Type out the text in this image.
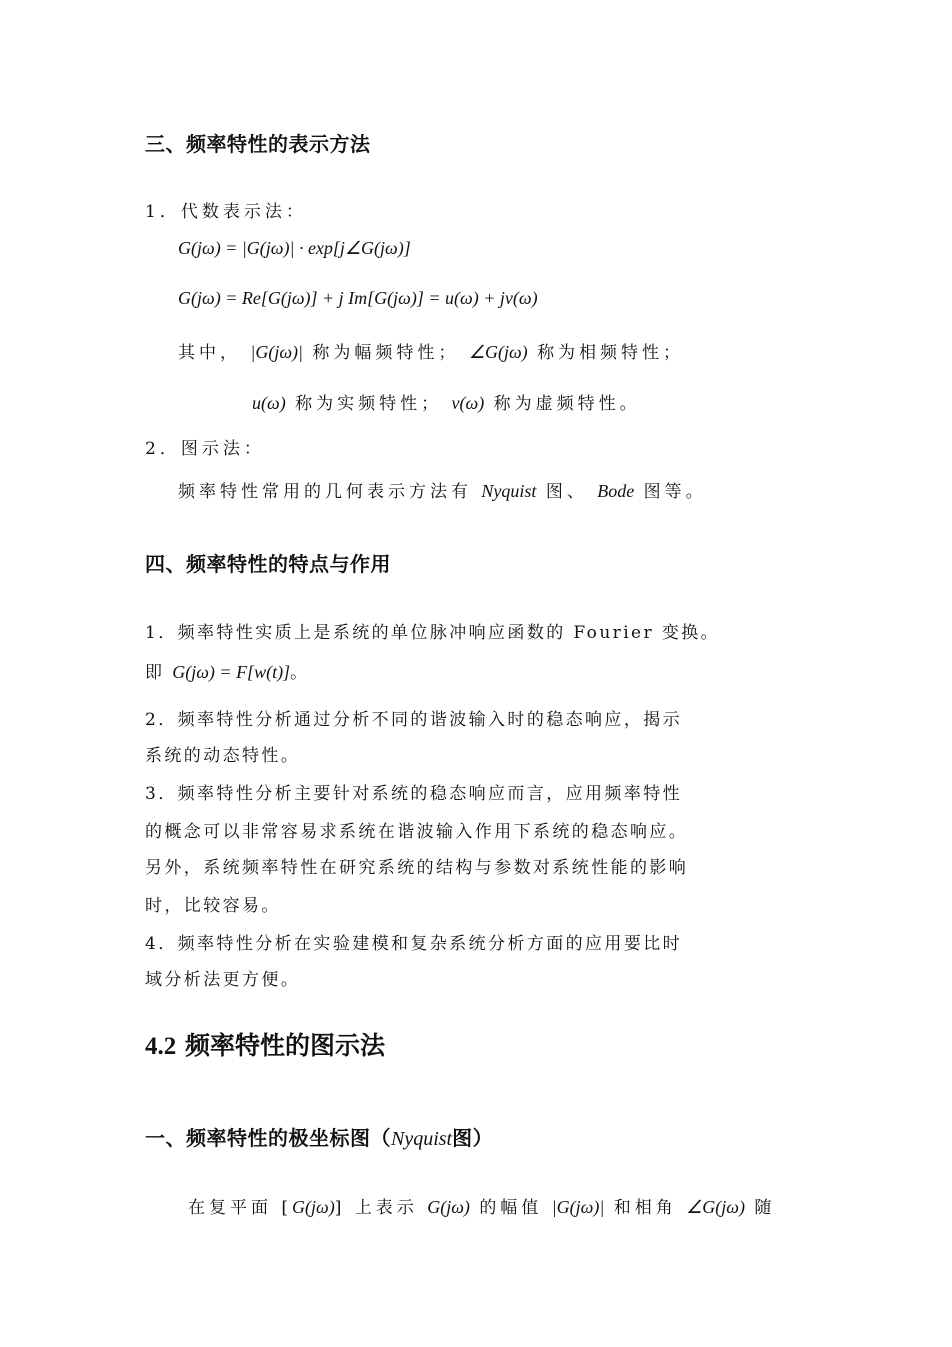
三、频率特性的表示方法
1．代数表示法：
G(jω) = |G(jω)| · exp[j∠G(jω)]
G(jω) = Re[G(jω)] + j Im[G(jω)] = u(ω) + jv(ω)
其中， |G(jω)| 称为幅频特性； ∠G(jω) 称为相频特性；
u(ω) 称为实频特性； v(ω) 称为虚频特性。
2．图示法：
频率特性常用的几何表示方法有 Nyquist 图、 Bode 图等。
四、频率特性的特点与作用
1．频率特性实质上是系统的单位脉冲响应函数的 Fourier 变换。
即 G(jω) = F[w(t)]。
2．频率特性分析通过分析不同的谐波输入时的稳态响应，揭示
系统的动态特性。
3．频率特性分析主要针对系统的稳态响应而言，应用频率特性
的概念可以非常容易求系统在谐波输入作用下系统的稳态响应。
另外，系统频率特性在研究系统的结构与参数对系统性能的影响
时，比较容易。
4．频率特性分析在实验建模和复杂系统分析方面的应用要比时
域分析法更方便。
4.2 频率特性的图示法
一、频率特性的极坐标图（Nyquist图）
在复平面 [G(jω)] 上表示 G(jω) 的幅值 |G(jω)| 和相角 ∠G(jω) 随
